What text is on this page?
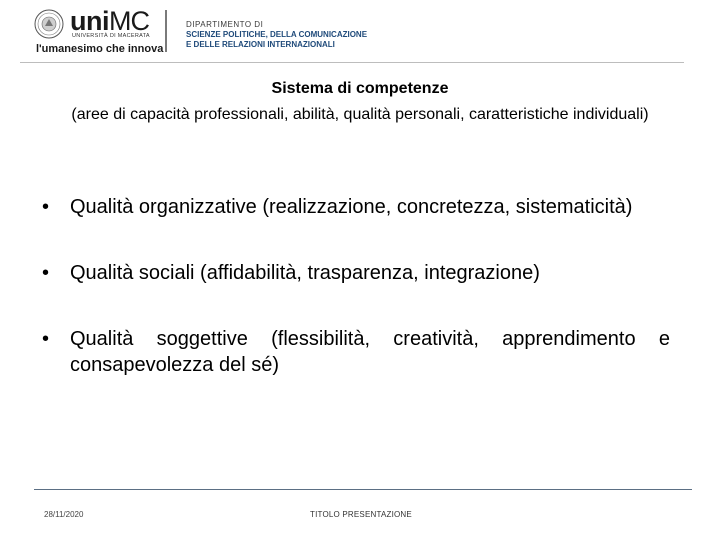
uniMC
UNIVERSITÀ DI MACERATA
l'umanesimo che innova
DIPARTIMENTO DI
SCIENZE POLITICHE, DELLA COMUNICAZIONE
E DELLE RELAZIONI INTERNAZIONALI
Sistema di competenze
(aree di capacità professionali, abilità, qualità personali, caratteristiche individuali)
• Qualità organizzative (realizzazione, concretezza, sistematicità)
• Qualità sociali (affidabilità, trasparenza, integrazione)
• Qualità soggettive (flessibilità, creatività, apprendimento e consapevolezza del sé)
28/11/2020	TITOLO PRESENTAZIONE
